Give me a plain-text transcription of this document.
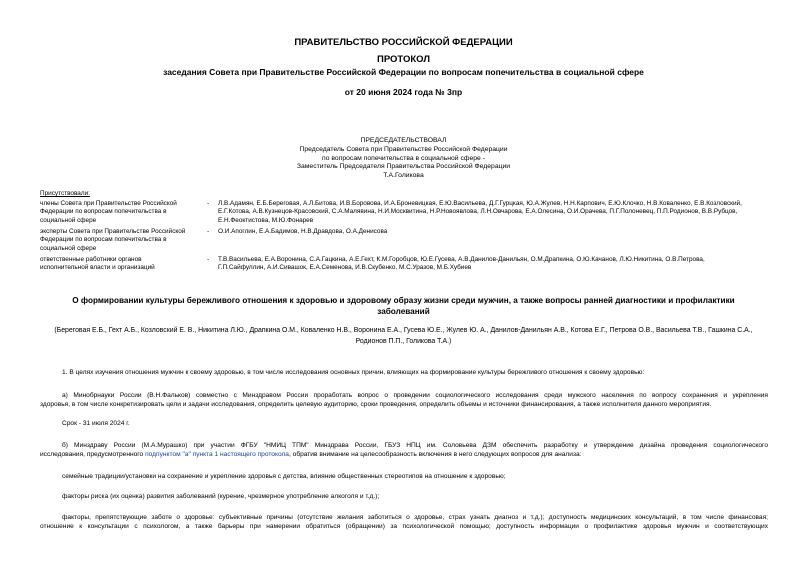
ПРАВИТЕЛЬСТВО РОССИЙСКОЙ ФЕДЕРАЦИИ
ПРОТОКОЛ
заседания Совета при Правительстве Российской Федерации по вопросам попечительства в социальной сфере
от 20 июня 2024 года № 3пр
ПРЕДСЕДАТЕЛЬСТВОВАЛ
Председатель Совета при Правительстве Российской Федерации
по вопросам попечительства в социальной сфере -
Заместитель Председателя Правительства Российской Федерации
Т.А.Голикова
Присутствовали:
члены Совета при Правительстве Российской
Федерации по вопросам попечительства в
социальной сфере
- Л.В.Адамян, Е.Б.Береговая, А.Л.Битова, И.В.Боровова, И.А.Броневицкая, Е.Ю.Васильева, Д.Г.Гурцкая, Ю.А.Жулев, Н.Н.Карпович, Е.Ю.Клочко, Н.В.Коваленко, Е.В.Козловский,
Е.Г.Котова, А.В.Кузнецов-Красовский, С.А.Малявина, Н.И.Москвитина, Н.Р.Новоявлова, Л.Н.Овчарова, Е.А.Олесина, О.И.Орачева, П.Г.Полоневец, П.П.Родионов, В.В.Рубцов,
Е.Н.Феоктистова, М.Ю.Фонарев
эксперты Совета при Правительстве Российской
Федерации по вопросам попечительства в
социальной сфере
- О.И.Апоглин, Е.А.Бадимов, Н.В.Дравдова, О.А.Денисова
ответственные работники органов
исполнительной власти и организаций
- Т.В.Васильева, Е.А.Воронина, С.А.Гацкина, А.Е.Гехт, К.М.Горобцов, Ю.Е.Гусева, А.В.Данилов-Данильян, О.М.Драпкина, О.Ю.Качанов, Л.Ю.Никитина, О.В.Петрова,
Г.П.Сайфуллин, А.И.Сивашок, Е.А.Семенова, И.В.Скубенко, М.С.Уразов, М.Б.Хубиев
О формировании культуры бережливого отношения к здоровью и здоровому образу жизни среди мужчин, а также вопросы ранней диагностики и профилактики
заболеваний
(Береговая Е.Б., Гехт А.Б., Козловский Е. В., Никитина Л.Ю., Драпкина О.М., Коваленко Н.В., Воронина Е.А., Гусева Ю.Е., Жулев Ю. А., Данилов-Данильян А.В., Котова Е.Г., Петрова О.В., Васильева Т.В., Гашкина С.А.,
Родионов П.П., Голикова Т.А.)
1. В целях изучения отношения мужчин к своему здоровью, в том числе исследования основных причин, влияющих на формирование культуры бережливого отношения к своему здоровью:
а) Минобрнауки России (В.Н.Фальков) совместно с Минздравом России проработать вопрос о проведении социологического исследования среди мужского населения по вопросу сохранения и укрепления
здоровья, в том числе конкретизировать цели и задачи исследования, определить целевую аудиторию, сроки проведения, определить объемы и источники финансирования, а также исполнителя данного мероприятия.
Срок - 31 июля 2024 г.
б) Минздраву России (М.А.Мурашко) при участии ФГБУ "НМИЦ ТПМ" Минздрава России, ГБУЗ НПЦ им. Соловьева ДЗМ обеспечить разработку и утверждение дизайна проведения социологического
исследования, предусмотренного подпунктом "а" пункта 1 настоящего протокола, обратив внимание на целесообразность включения в него следующих вопросов для анализа:
семейные традиции/установки на сохранение и укрепление здоровья с детства, влияние общественных стереотипов на отношение к здоровью;
факторы риска (их оценка) развития заболеваний (курение, чрезмерное употребление алкоголя и т.д.);
факторы, препятствующие заботе о здоровье: субъективные причины (отсутствие желания заботиться о здоровье, страх узнать диагноз и т.д.); доступность медицинских консультаций, в том числе финансовая;
отношение к консультации с психологом, а также барьеры при намерении обратиться (обращении) за психологической помощью; доступность информации о профилактике здоровья мужчин и соответствующих
